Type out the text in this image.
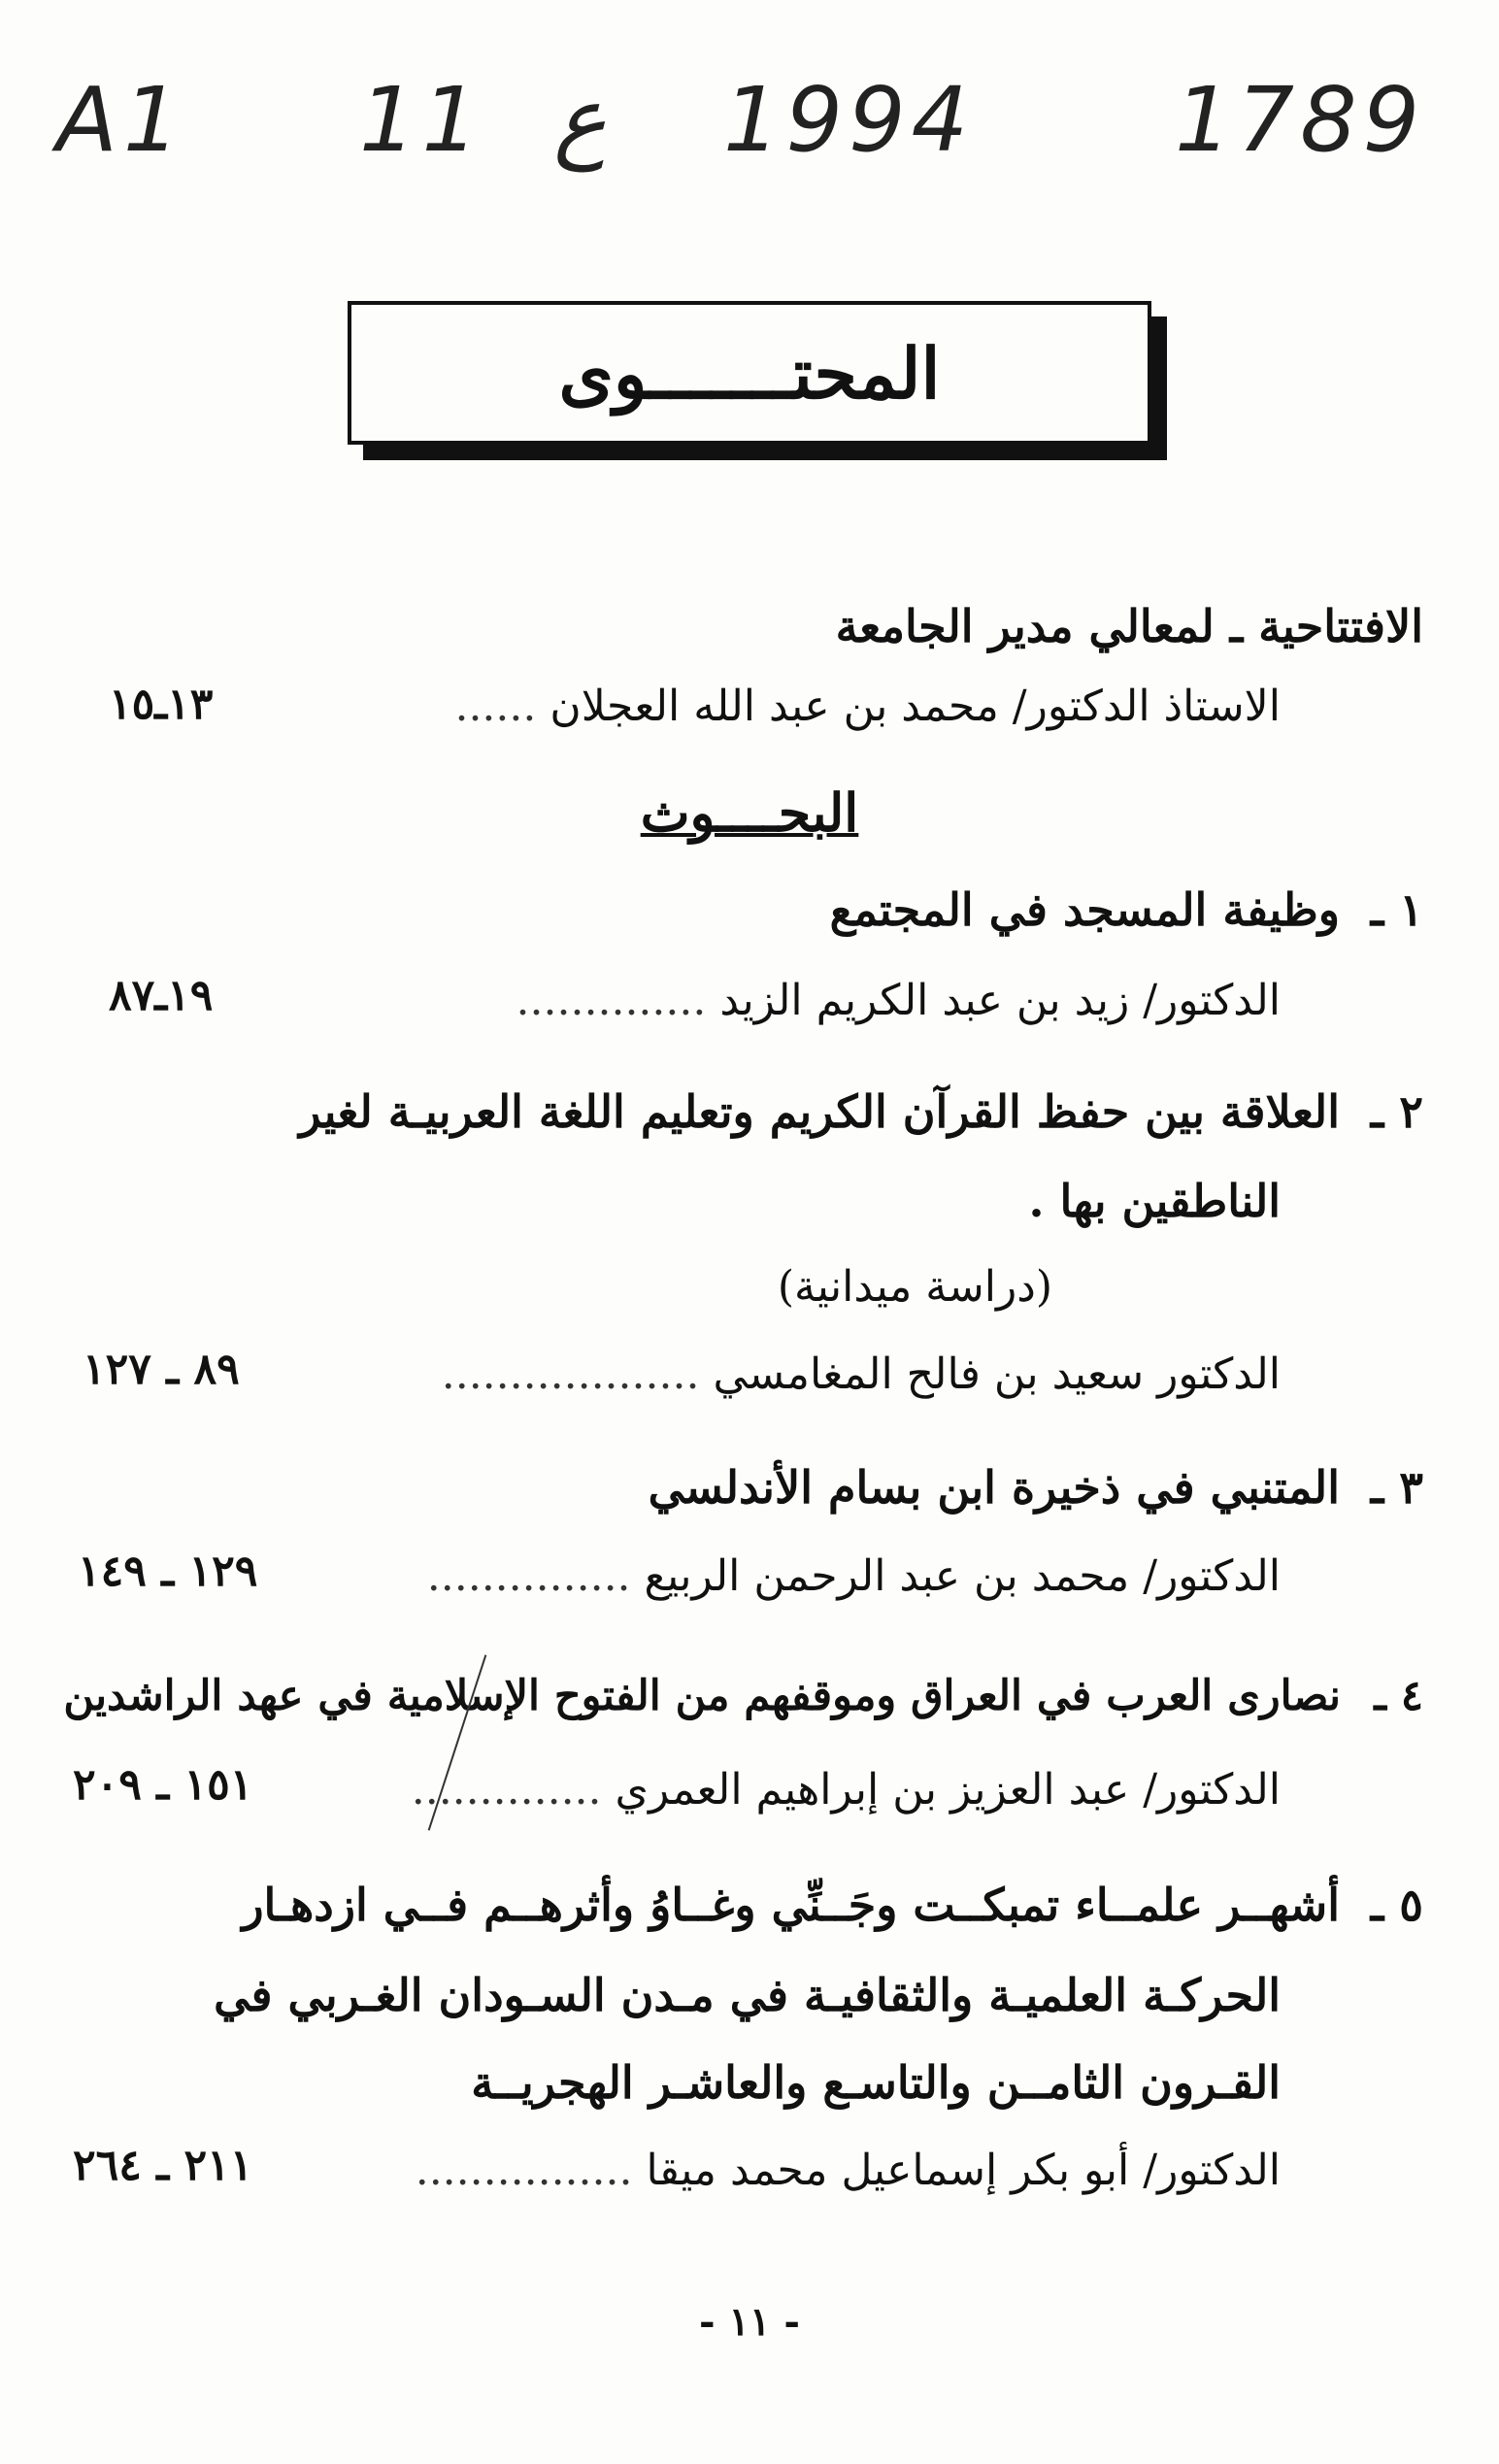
A1 11 ع 1994 1789
المحتـــــــوى
الافتتاحية ـ لمعالي مدير الجامعة
الاستاذ الدكتور/ محمد بن عبد الله العجلان ......
١٣ـ١٥
البحــــوث
١ ـ وظيفة المسجد في المجتمع
الدكتور/ زيد بن عبد الكريم الزيد ..............
١٩ـ٨٧
٢ ـ العلاقة بين حفظ القرآن الكريم وتعليم اللغة العربيـة لغير
الناطقين بها .
(دراسة ميدانية)
الدكتور سعيد بن فالح المغامسي ...................
٨٩ ـ ١٢٧
٣ ـ المتنبي في ذخيرة ابن بسام الأندلسي
الدكتور/ محمد بن عبد الرحمن الربيع ...............
١٢٩ ـ ١٤٩
٤ ـ نصارى العرب في العراق وموقفهم من الفتوح الإسلامية في عهد الراشدين
الدكتور/ عبد العزيز بن إبراهيم العمري ..............
١٥١ ـ ٢٠٩
٥ ـ أشهــر علمــاء تمبكــت وجَــنِّي وغــاوُ وأثرهــم فــي ازدهـار
الحركـة العلميـة والثقافيـة في مـدن السـودان الغـربي في
القـرون الثامــن والتاسـع والعاشـر الهجريــة
الدكتور/ أبو بكر إسماعيل محمد ميقا ................
٢١١ ـ ٢٦٤
- ١١ -
